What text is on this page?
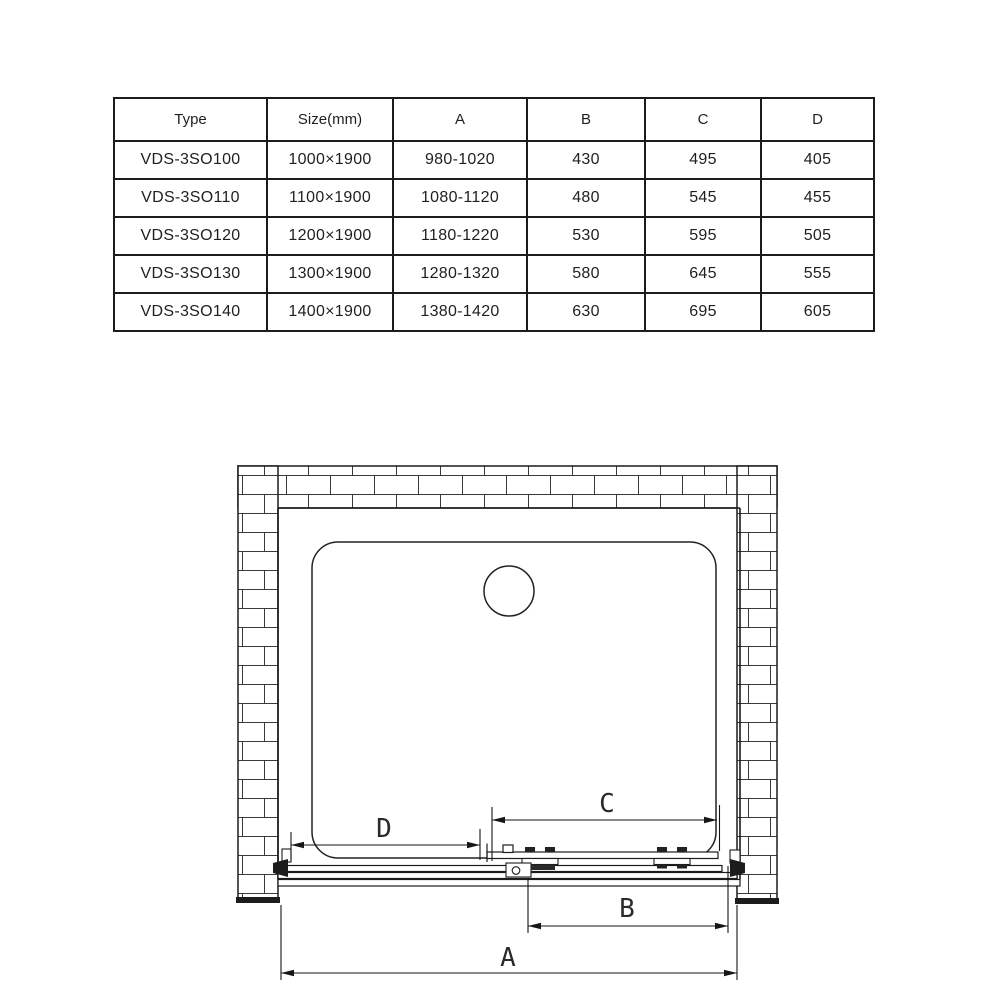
Type	Size(mm)	A	B	C	D
VDS-3SO100	1000×1900	980-1020	430	495	405
VDS-3SO110	1100×1900	1080-1120	480	545	455
VDS-3SO120	1200×1900	1180-1220	530	595	505
VDS-3SO130	1300×1900	1280-1320	580	645	555
VDS-3SO140	1400×1900	1380-1420	630	695	605
A
B
C
D
